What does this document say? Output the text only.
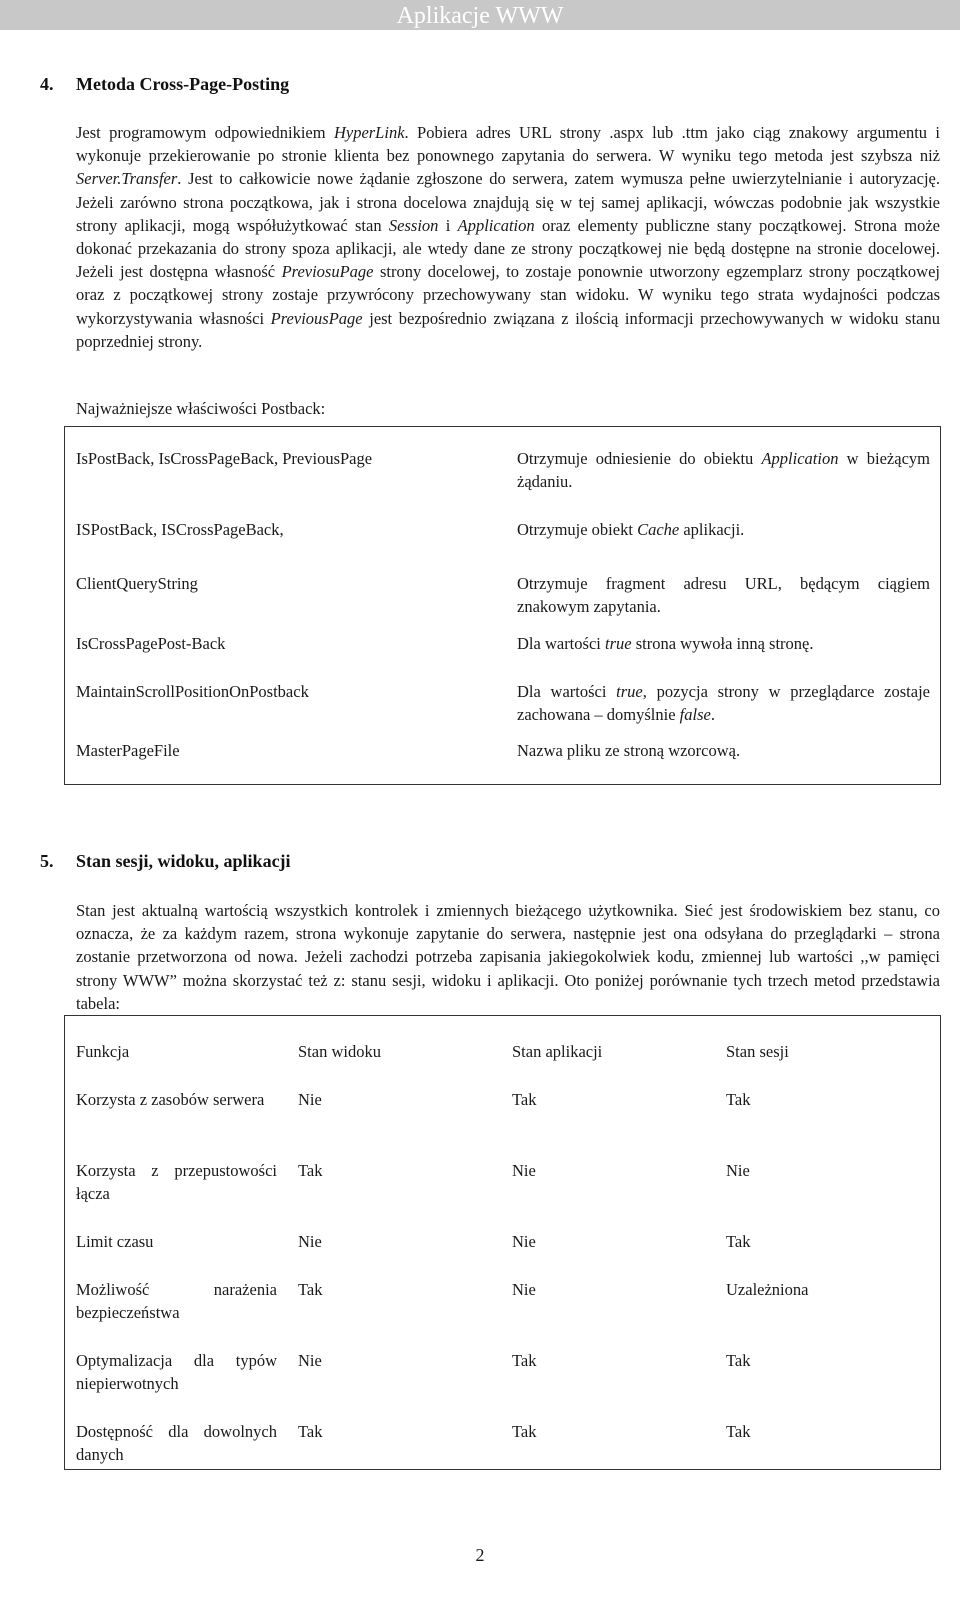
Aplikacje WWW
4. Metoda Cross-Page-Posting

Jest programowym odpowiednikiem HyperLink. Pobiera adres URL strony .aspx lub .ttm jako ciąg znakowy argumentu i wykonuje przekierowanie po stronie klienta bez ponownego zapytania do serwera. W wyniku tego metoda jest szybsza niż Server.Transfer. Jest to całkowicie nowe żądanie zgłoszone do serwera, zatem wymusza pełne uwierzytelnianie i autoryzację. Jeżeli zarówno strona początkowa, jak i strona docelowa znajdują się w tej samej aplikacji, wówczas podobnie jak wszystkie strony aplikacji, mogą współużytkować stan Session i Application oraz elementy publiczne stany początkowej. Strona może dokonać przekazania do strony spoza aplikacji, ale wtedy dane ze strony początkowej nie będą dostępne na stronie docelowej. Jeżeli jest dostępna własność PreviosuPage strony docelowej, to zostaje ponownie utworzony egzemplarz strony początkowej oraz z początkowej strony zostaje przywrócony przechowywany stan widoku. W wyniku tego strata wydajności podczas wykorzystywania własności PreviousPage jest bezpośrednio związana z ilością informacji przechowywanych w widoku stanu poprzedniej strony.

Najważniejsze właściwości Postback:
IsPostBack, IsCrossPageBack, PreviousPage	Otrzymuje odniesienie do obiektu Application w bieżącym żądaniu.
ISPostBack, ISCrossPageBack,	Otrzymuje obiekt Cache aplikacji.
ClientQueryString	Otrzymuje fragment adresu URL, będącym ciągiem znakowym zapytania.
IsCrossPagePost-Back	Dla wartości true strona wywoła inną stronę.
MaintainScrollPositionOnPostback	Dla wartości true, pozycja strony w przeglądarce zostaje zachowana – domyślnie false.
MasterPageFile	Nazwa pliku ze stroną wzorcową.
5. Stan sesji, widoku, aplikacji

Stan jest aktualną wartością wszystkich kontrolek i zmiennych bieżącego użytkownika. Sieć jest środowiskiem bez stanu, co oznacza, że za każdym razem, strona wykonuje zapytanie do serwera, następnie jest ona odsyłana do przeglądarki – strona zostanie przetworzona od nowa. Jeżeli zachodzi potrzeba zapisania jakiegokolwiek kodu, zmiennej lub wartości ,,w pamięci strony WWW” można skorzystać też z: stanu sesji, widoku i aplikacji. Oto poniżej porównanie tych trzech metod przedstawia tabela:

Funkcja	Stan widoku	Stan aplikacji	Stan sesji
Korzysta z zasobów serwera	Nie	Tak	Tak
Korzysta z przepustowości łącza	Tak	Nie	Nie
Limit czasu	Nie	Nie	Tak
Możliwość narażenia bezpieczeństwa	Tak	Nie	Uzależniona
Optymalizacja dla typów niepierwotnych	Nie	Tak	Tak
Dostępność dla dowolnych danych	Tak	Tak	Tak
2
